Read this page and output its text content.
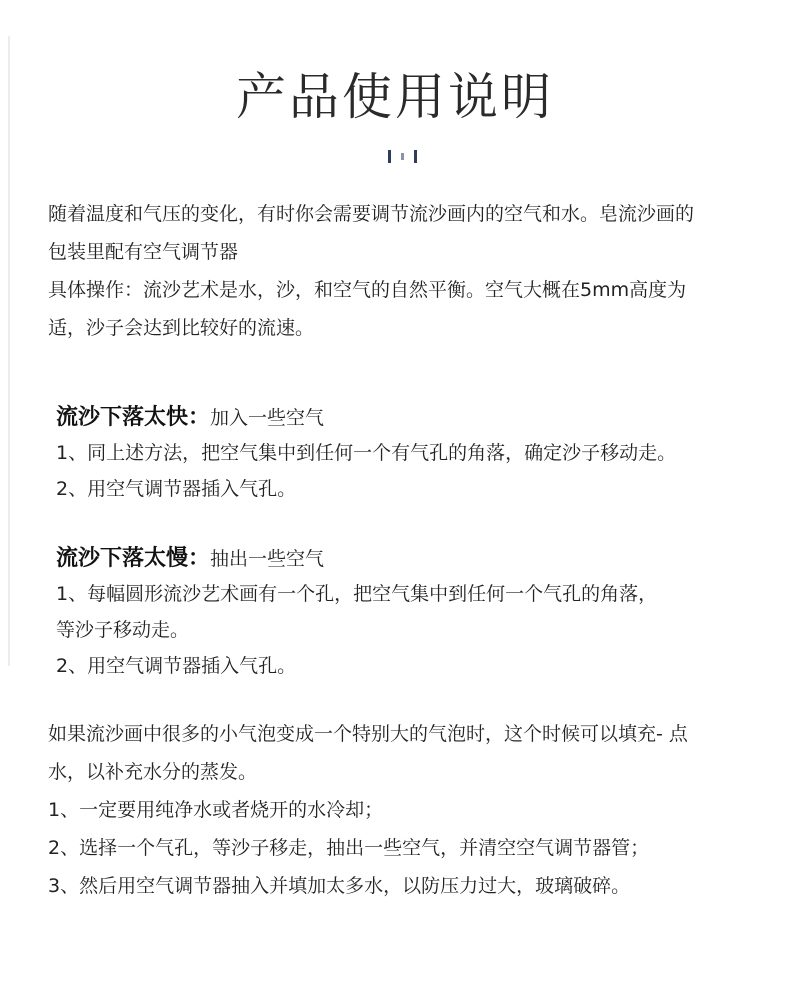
产品使用说明
随着温度和气压的变化，有时你会需要调节流沙画内的空气和水。皂流沙画的
包装里配有空气调节器
具体操作：流沙艺术是水，沙，和空气的自然平衡。空气大概在5mm高度为
适，沙子会达到比较好的流速。
流沙下落太快：加入一些空气
1、同上述方法，把空气集中到任何一个有气孔的角落，确定沙子移动走。
2、用空气调节器插入气孔。
流沙下落太慢：抽出一些空气
1、每幅圆形流沙艺术画有一个孔，把空气集中到任何一个气孔的角落，
等沙子移动走。
2、用空气调节器插入气孔。
如果流沙画中很多的小气泡变成一个特别大的气泡时，这个时候可以填充- 点
水，以补充水分的蒸发。
1、一定要用纯净水或者烧开的水冷却；
2、选择一个气孔，等沙子移走，抽出一些空气，并清空空气调节器管；
3、然后用空气调节器抽入并填加太多水，以防压力过大，玻璃破碎。
